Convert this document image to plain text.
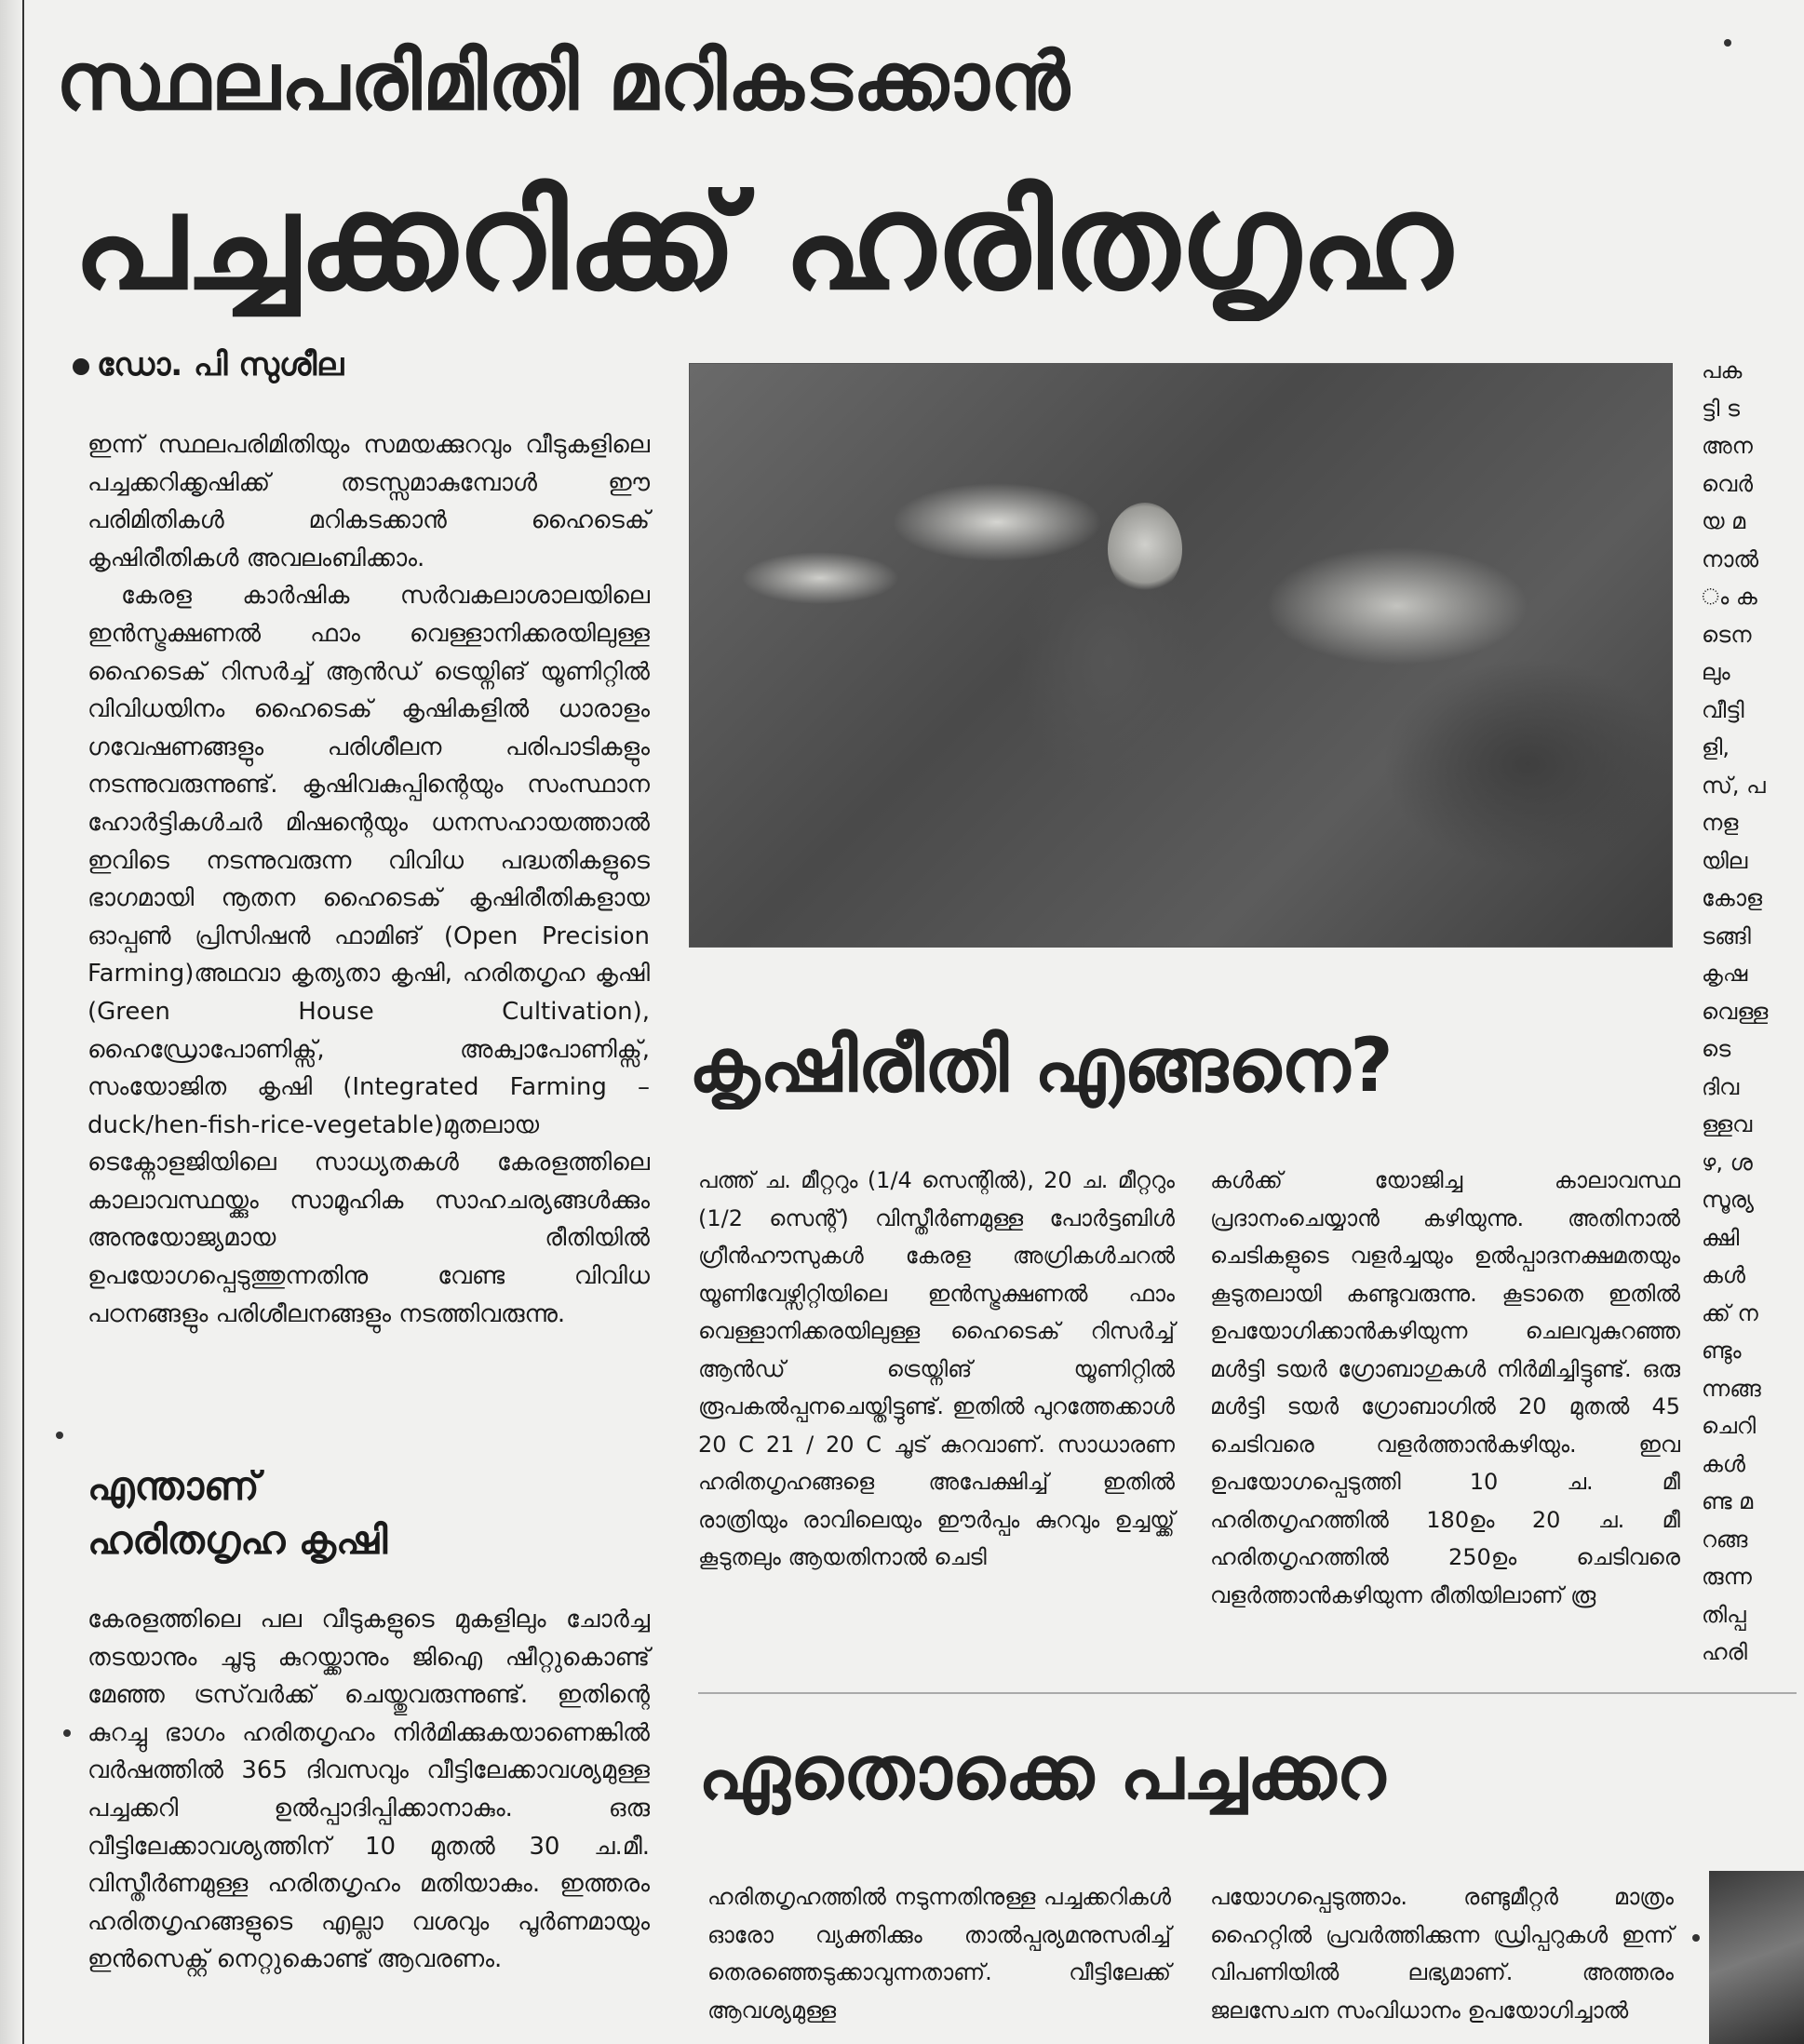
സ്ഥലപരിമിതി മറികടക്കാൻ
പച്ചക്കറിക്ക് ഹരിതഗൃഹ
ഡോ. പി സുശീല

ഇന്ന് സ്ഥലപരിമിതിയും സമയക്കുറവും വീടുകളിലെ പച്ചക്കറിക്കൃഷിക്ക് തടസ്സമാകുമ്പോൾ ഈ പരിമിതികൾ മറികടക്കാൻ ഹൈടെക് കൃഷിരീതികൾ അവലംബിക്കാം.

കേരള കാർഷിക സർവകലാശാലയിലെ ഇൻസ്ട്രക്ഷണൽ ഫാം വെള്ളാനിക്കരയിലുള്ള ഹൈടെക് റിസർച്ച് ആൻഡ് ട്രെയ്നിങ് യൂണിറ്റിൽ വിവിധയിനം ഹൈടെക് കൃഷികളിൽ ധാരാളം ഗവേഷണങ്ങളും പരിശീലന പരിപാടികളും നടന്നുവരുന്നുണ്ട്. കൃഷിവകുപ്പിന്റെയും സംസ്ഥാന ഹോർട്ടികൾചർ മിഷന്റെയും ധനസഹായത്താൽ ഇവിടെ നടന്നുവരുന്ന വിവിധ പദ്ധതികളുടെ ഭാഗമായി നൂതന ഹൈടെക് കൃഷിരീതികളായ ഓപ്പൺ പ്രിസിഷൻ ഫാമിങ് (Open Precision Farming)അഥവാ കൃത്യതാ കൃഷി, ഹരിതഗൃഹ കൃഷി (Green House Cultivation), ഹൈഡ്രോപോണിക്സ്, അക്വാപോണിക്സ്, സംയോജിത കൃഷി (Integrated Farming – duck/hen-fish-rice-vegetable)മുതലായ ടെക്നോളജിയിലെ സാധ്യതകൾ കേരളത്തിലെ കാലാവസ്ഥയ്ക്കും സാമൂഹിക സാഹചര്യങ്ങൾക്കും അനുയോജ്യമായ രീതിയിൽ ഉപയോഗപ്പെടുത്തുന്നതിനു വേണ്ട വിവിധ പഠനങ്ങളും പരിശീലനങ്ങളും നടത്തിവരുന്നു.

എന്താണ്
ഹരിതഗൃഹ കൃഷി

കേരളത്തിലെ പല വീടുകളുടെ മുകളിലും ചോർച്ച തടയാനും ചൂടു കുറയ്ക്കാനും ജിഐ ഷീറ്റുകൊണ്ട് മേഞ്ഞ ട്രസ്‌വർക്ക് ചെയ്തുവരുന്നുണ്ട്. ഇതിന്റെ കുറച്ചു ഭാഗം ഹരിതഗൃഹം നിർമിക്കുകയാണെങ്കിൽ വർഷത്തിൽ 365 ദിവസവും വീട്ടിലേക്കാവശ്യമുള്ള പച്ചക്കറി ഉൽപ്പാദിപ്പിക്കാനാകും. ഒരു വീട്ടിലേക്കാവശ്യത്തിന് 10 മുതൽ 30 ച.മീ. വിസ്തീർണമുള്ള ഹരിതഗൃഹം മതിയാകും. ഇത്തരം ഹരിതഗൃഹങ്ങളുടെ എല്ലാ വശവും പൂർണമായും ഇൻസെക്റ്റ് നെറ്റുകൊണ്ട് ആവരണം.

കൃഷിരീതി എങ്ങനെ?

പത്ത് ച. മീറ്ററും (1/4 സെന്റിൽ), 20 ച. മീറ്ററും (1/2 സെന്റ്) വിസ്തീർണമുള്ള പോർട്ടബിൾ ഗ്രീൻഹൗസുകൾ കേരള അഗ്രികൾചറൽ യൂണിവേഴ്സിറ്റിയിലെ ഇൻസ്ട്രക്ഷണൽ ഫാം വെള്ളാനിക്കരയിലുള്ള ഹൈടെക് റിസർച്ച് ആൻഡ് ട്രെയ്നിങ് യൂണിറ്റിൽ രൂപകൽപ്പനചെയ്തിട്ടുണ്ട്. ഇതിൽ പുറത്തേക്കാൾ 20 C 21 / 20 C ചൂട് കുറവാണ്. സാധാരണ ഹരിതഗൃഹങ്ങളെ അപേക്ഷിച്ച് ഇതിൽ രാത്രിയും രാവിലെയും ഈർപ്പം കുറവും ഉച്ചയ്ക്ക് കൂടുതലും ആയതിനാൽ ചെടി

കൾക്ക് യോജിച്ച കാലാവസ്ഥ പ്രദാനംചെയ്യാൻ കഴിയുന്നു. അതിനാൽ ചെടികളുടെ വളർച്ചയും ഉൽപ്പാദനക്ഷമതയും കൂടുതലായി കണ്ടുവരുന്നു. കൂടാതെ ഇതിൽ ഉപയോഗിക്കാൻകഴിയുന്ന ചെലവുകുറഞ്ഞ മൾട്ടി ടയർ ഗ്രോബാഗുകൾ നിർമിച്ചിട്ടുണ്ട്. ഒരു മൾട്ടി ടയർ ഗ്രോബാഗിൽ 20 മുതൽ 45 ചെടിവരെ വളർത്താൻകഴിയും. ഇവ ഉപയോഗപ്പെടുത്തി 10 ച. മീ ഹരിതഗൃഹത്തിൽ 180ഉം 20 ച. മീ ഹരിതഗൃഹത്തിൽ 250ഉം ചെടിവരെ വളർത്താൻകഴിയുന്ന രീതിയിലാണ് രൂ

ഏതൊക്കെ പച്ചക്കറ

ഹരിതഗൃഹത്തിൽ നടുന്നതിനുള്ള പച്ചക്കറികൾ ഓരോ വ്യക്തിക്കും താൽപ്പര്യമനുസരിച്ച് തെരഞ്ഞെടുക്കാവുന്നതാണ്. വീട്ടിലേക്ക് ആവശ്യമുള്ള

പയോഗപ്പെടുത്താം. രണ്ടുമീറ്റർ മാത്രം ഹൈറ്റിൽ പ്രവർത്തിക്കുന്ന ഡ്രിപ്പറുകൾ ഇന്ന് വിപണിയിൽ ലഭ്യമാണ്. അത്തരം ജലസേചന സംവിധാനം ഉപയോഗിച്ചാൽ

പക
ട്ടി ട
അന
വെർ
യ മ
നാൽ
ം ക
ടെന
ലും
വീട്ടി
ളി,
സ്, പ
നള
യില
കോള
ടങ്ങി
കൃഷ
വെള്ള
ടെ
ദിവ
ള്ളവ
ഴ, ശ
സൂര്യ
ക്ഷി
കൾ
ക്ക് ന
ണ്ടും
ന്നങ്ങ
ചെറി
കൾ
ണ്ട മ
റങ്ങ
രുന്ന
തിപ്പ
ഹരി
